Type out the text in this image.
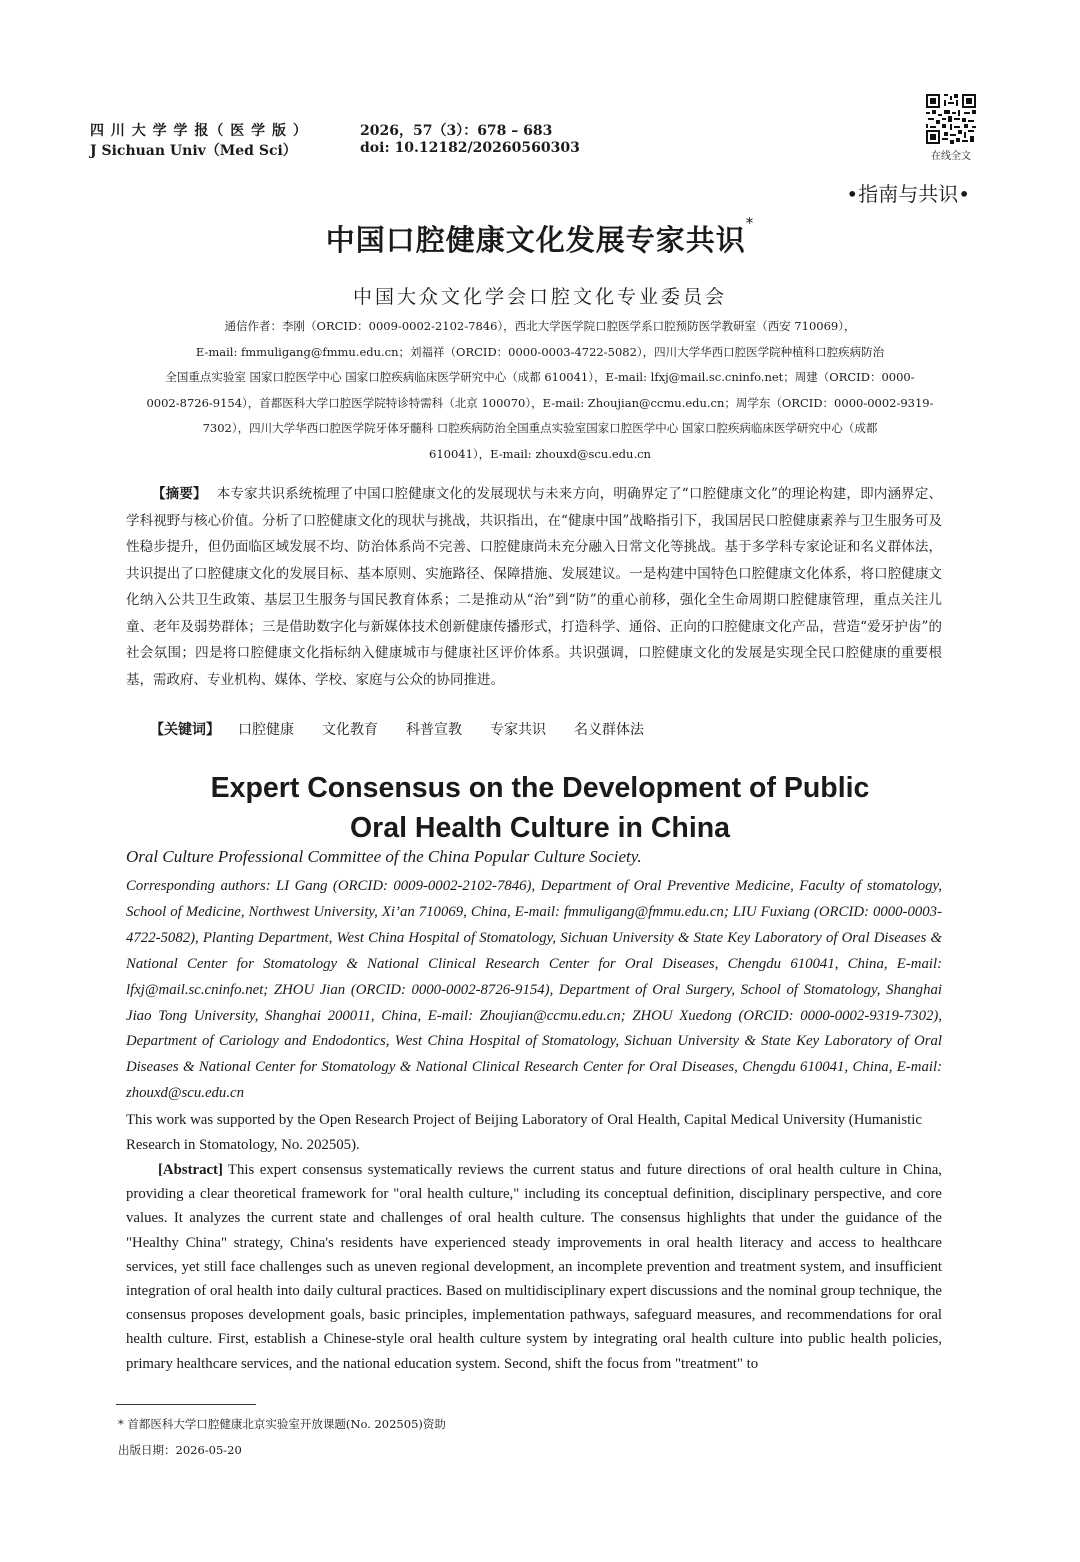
四 川 大 学 学 报（ 医 学 版 ）
J Sichuan Univ（Med Sci）
2026，57（3）：678 – 683
doi: 10.12182/20260560303
在线全文
•指南与共识•
中国口腔健康文化发展专家共识*
中国大众文化学会口腔文化专业委员会
通信作者：李刚（ORCID：0009-0002-2102-7846），西北大学医学院口腔医学系口腔预防医学教研室（西安 710069），
E-mail: fmmuligang@fmmu.edu.cn；刘福祥（ORCID：0000-0003-4722-5082），四川大学华西口腔医学院种植科口腔疾病防治
全国重点实验室 国家口腔医学中心 国家口腔疾病临床医学研究中心（成都 610041），E-mail: lfxj@mail.sc.cninfo.net；周建（ORCID：0000-
0002-8726-9154），首都医科大学口腔医学院特诊特需科（北京 100070），E-mail: Zhoujian@ccmu.edu.cn；周学东（ORCID：0000-0002-9319-
7302），四川大学华西口腔医学院牙体牙髓科 口腔疾病防治全国重点实验室国家口腔医学中心 国家口腔疾病临床医学研究中心（成都
610041），E-mail: zhouxd@scu.edu.cn
【摘要】 本专家共识系统梳理了中国口腔健康文化的发展现状与未来方向，明确界定了“口腔健康文化”的理论构建，即内涵界定、学科视野与核心价值。分析了口腔健康文化的现状与挑战，共识指出，在“健康中国”战略指引下，我国居民口腔健康素养与卫生服务可及性稳步提升，但仍面临区域发展不均、防治体系尚不完善、口腔健康尚未充分融入日常文化等挑战。基于多学科专家论证和名义群体法，共识提出了口腔健康文化的发展目标、基本原则、实施路径、保障措施、发展建议。一是构建中国特色口腔健康文化体系，将口腔健康文化纳入公共卫生政策、基层卫生服务与国民教育体系；二是推动从“治”到“防”的重心前移，强化全生命周期口腔健康管理，重点关注儿童、老年及弱势群体；三是借助数字化与新媒体技术创新健康传播形式，打造科学、通俗、正向的口腔健康文化产品，营造“爱牙护齿”的社会氛围；四是将口腔健康文化指标纳入健康城市与健康社区评价体系。共识强调，口腔健康文化的发展是实现全民口腔健康的重要根基，需政府、专业机构、媒体、学校、家庭与公众的协同推进。
【关键词】 口腔健康 文化教育 科普宣教 专家共识 名义群体法
Expert Consensus on the Development of Public
Oral Health Culture in China
Oral Culture Professional Committee of the China Popular Culture Society.
Corresponding authors: LI Gang (ORCID: 0009-0002-2102-7846), Department of Oral Preventive Medicine, Faculty of stomatology, School of Medicine, Northwest University, Xi’an 710069, China, E-mail: fmmuligang@fmmu.edu.cn; LIU Fuxiang (ORCID: 0000-0003-4722-5082), Planting Department, West China Hospital of Stomatology, Sichuan University & State Key Laboratory of Oral Diseases & National Center for Stomatology & National Clinical Research Center for Oral Diseases, Chengdu 610041, China, E-mail: lfxj@mail.sc.cninfo.net; ZHOU Jian (ORCID: 0000-0002-8726-9154), Department of Oral Surgery, School of Stomatology, Shanghai Jiao Tong University, Shanghai 200011, China, E-mail: Zhoujian@ccmu.edu.cn; ZHOU Xuedong (ORCID: 0000-0002-9319-7302), Department of Cariology and Endodontics, West China Hospital of Stomatology, Sichuan University & State Key Laboratory of Oral Diseases & National Center for Stomatology & National Clinical Research Center for Oral Diseases, Chengdu 610041, China, E-mail: zhouxd@scu.edu.cn
This work was supported by the Open Research Project of Beijing Laboratory of Oral Health, Capital Medical University (Humanistic Research in Stomatology, No. 202505).
[Abstract] This expert consensus systematically reviews the current status and future directions of oral health culture in China, providing a clear theoretical framework for "oral health culture," including its conceptual definition, disciplinary perspective, and core values. It analyzes the current state and challenges of oral health culture. The consensus highlights that under the guidance of the "Healthy China" strategy, China's residents have experienced steady improvements in oral health literacy and access to healthcare services, yet still face challenges such as uneven regional development, an incomplete prevention and treatment system, and insufficient integration of oral health into daily cultural practices. Based on multidisciplinary expert discussions and the nominal group technique, the consensus proposes development goals, basic principles, implementation pathways, safeguard measures, and recommendations for oral health culture. First, establish a Chinese-style oral health culture system by integrating oral health culture into public health policies, primary healthcare services, and the national education system. Second, shift the focus from "treatment" to
* 首都医科大学口腔健康北京实验室开放课题(No. 202505)资助
出版日期：2026-05-20
